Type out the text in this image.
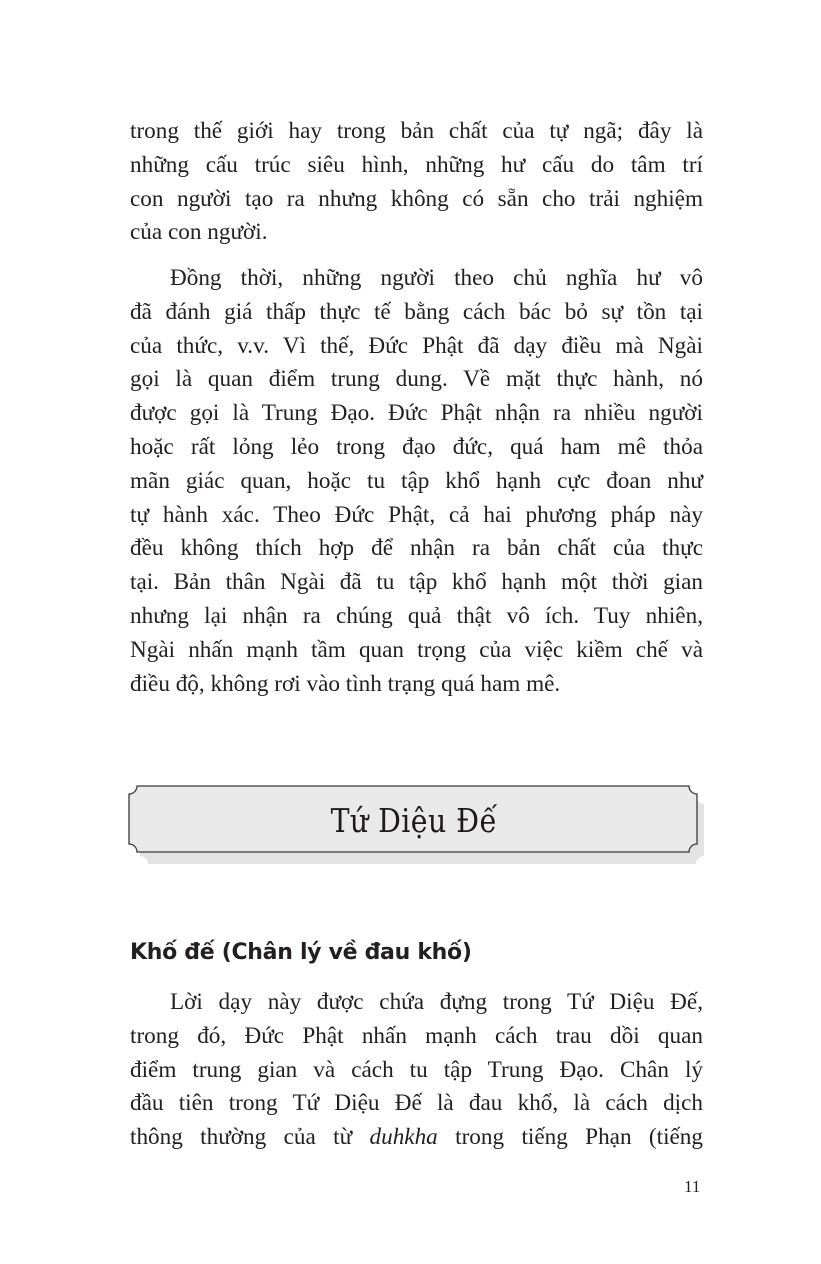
trong thế giới hay trong bản chất của tự ngã; đây là
những cấu trúc siêu hình, những hư cấu do tâm trí
con người tạo ra nhưng không có sẵn cho trải nghiệm
của con người.

Đồng thời, những người theo chủ nghĩa hư vô
đã đánh giá thấp thực tế bằng cách bác bỏ sự tồn tại
của thức, v.v. Vì thế, Đức Phật đã dạy điều mà Ngài
gọi là quan điểm trung dung. Về mặt thực hành, nó
được gọi là Trung Đạo. Đức Phật nhận ra nhiều người
hoặc rất lỏng lẻo trong đạo đức, quá ham mê thỏa
mãn giác quan, hoặc tu tập khổ hạnh cực đoan như
tự hành xác. Theo Đức Phật, cả hai phương pháp này
đều không thích hợp để nhận ra bản chất của thực
tại. Bản thân Ngài đã tu tập khổ hạnh một thời gian
nhưng lại nhận ra chúng quả thật vô ích. Tuy nhiên,
Ngài nhấn mạnh tầm quan trọng của việc kiềm chế và
điều độ, không rơi vào tình trạng quá ham mê.

Lời dạy này được chứa đựng trong Tứ Diệu Đế,
trong đó, Đức Phật nhấn mạnh cách trau dồi quan
điểm trung gian và cách tu tập Trung Đạo. Chân lý
đầu tiên trong Tứ Diệu Đế là đau khổ, là cách dịch
thông thường của từ duhkha trong tiếng Phạn (tiếng

Tứ Diệu Đế
Khố đế (Chân lý về đau khố)
11
